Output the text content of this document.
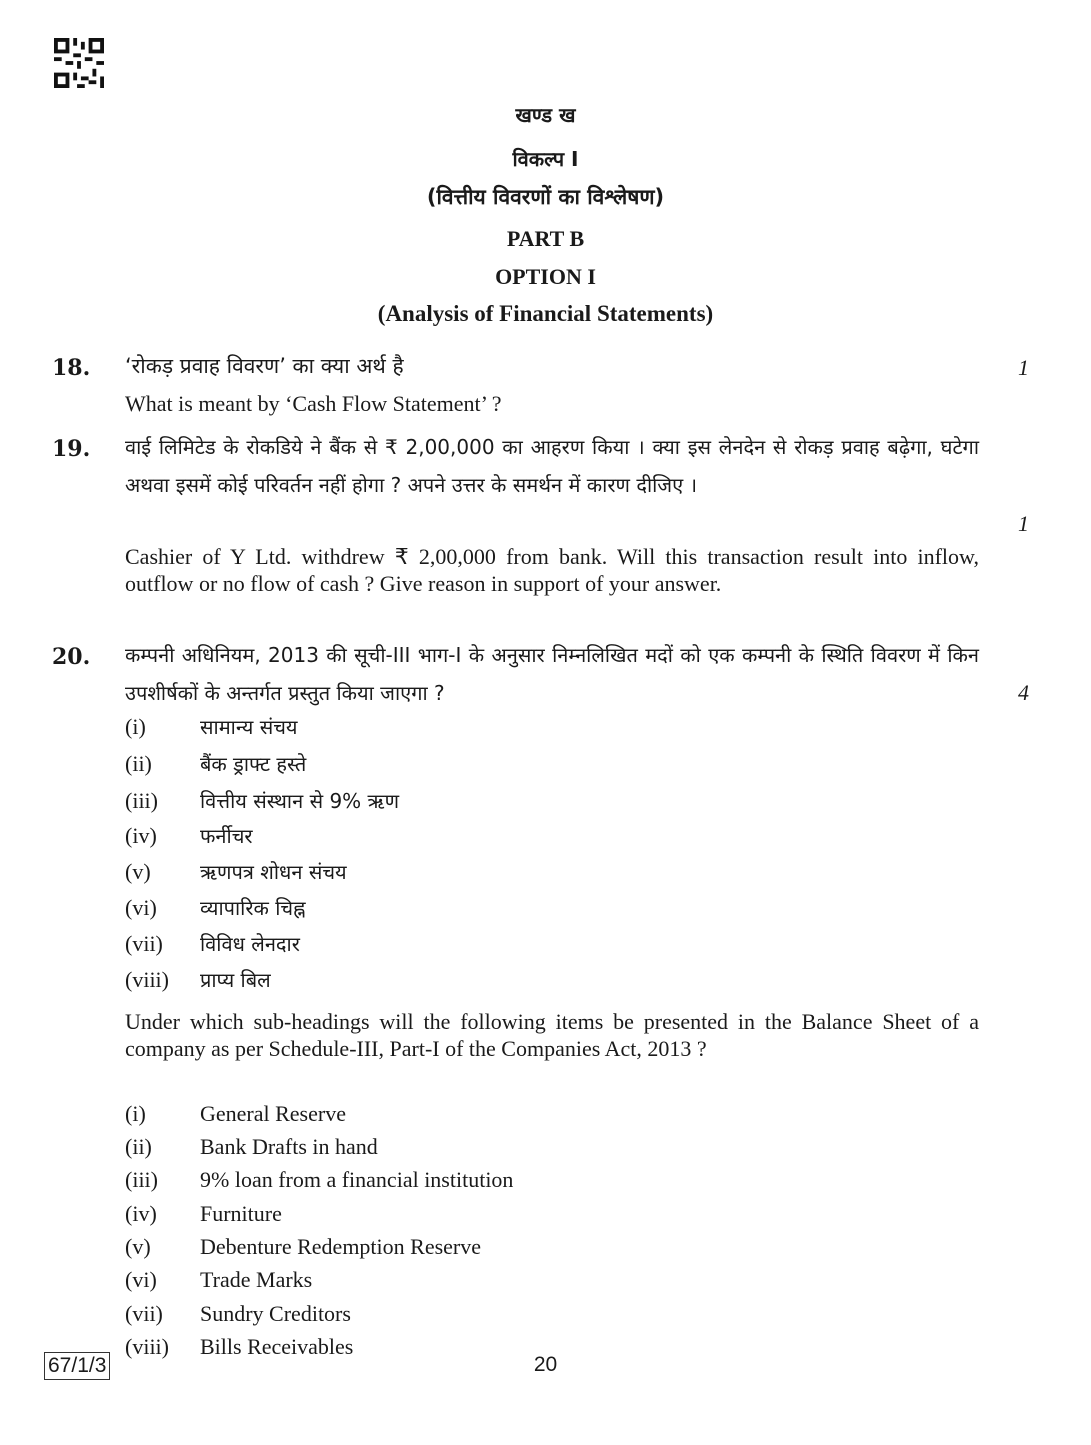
खण्ड ख
विकल्प I
(वित्तीय विवरणों का विश्लेषण)
PART B
OPTION I
(Analysis of Financial Statements)
18. ‘रोकड़ प्रवाह विवरण’ का क्या अर्थ है	1
What is meant by ‘Cash Flow Statement’ ?
19. वाई लिमिटेड के रोकडिये ने बैंक से ₹ 2,00,000 का आहरण किया । क्या इस लेनदेन से रोकड़ प्रवाह बढ़ेगा, घटेगा अथवा इसमें कोई परिवर्तन नहीं होगा ? अपने उत्तर के समर्थन में कारण दीजिए ।
1
Cashier of Y Ltd. withdrew ₹ 2,00,000 from bank. Will this transaction result into inflow, outflow or no flow of cash ? Give reason in support of your answer.
20. कम्पनी अधिनियम, 2013 की सूची-III भाग-I के अनुसार निम्नलिखित मदों को एक कम्पनी के स्थिति विवरण में किन उपशीर्षकों के अन्तर्गत प्रस्तुत किया जाएगा ?	4
(i)	सामान्य संचय
(ii) बैंक ड्राफ्ट हस्ते
(iii) वित्तीय संस्थान से 9% ऋण
(iv) फर्नीचर
(v) ऋणपत्र शोधन संचय
(vi) व्यापारिक चिह्न
(vii) विविध लेनदार
(viii) प्राप्य बिल
Under which sub-headings will the following items be presented in the Balance Sheet of a company as per Schedule-III, Part-I of the Companies Act, 2013 ?
(i) General Reserve
(ii) Bank Drafts in hand
(iii) 9% loan from a financial institution
(iv) Furniture
(v) Debenture Redemption Reserve
(vi) Trade Marks
(vii) Sundry Creditors
(viii) Bills Receivables
67/1/3	20
